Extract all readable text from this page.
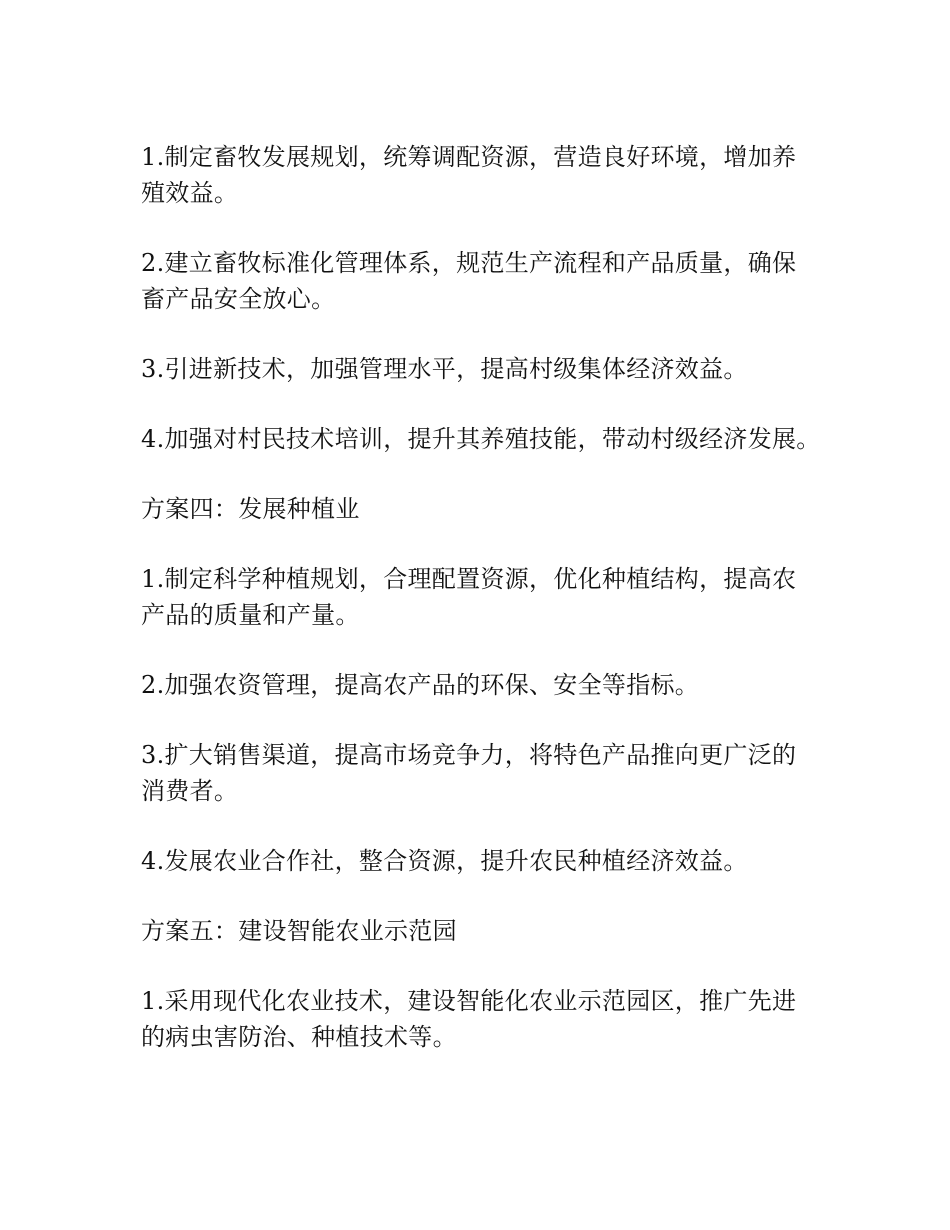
1.制定畜牧发展规划，统筹调配资源，营造良好环境，增加养
殖效益。

2.建立畜牧标准化管理体系，规范生产流程和产品质量，确保
畜产品安全放心。

3.引进新技术，加强管理水平，提高村级集体经济效益。

4.加强对村民技术培训，提升其养殖技能，带动村级经济发展。

方案四：发展种植业

1.制定科学种植规划，合理配置资源，优化种植结构，提高农
产品的质量和产量。

2.加强农资管理，提高农产品的环保、安全等指标。

3.扩大销售渠道，提高市场竞争力，将特色产品推向更广泛的
消费者。

4.发展农业合作社，整合资源，提升农民种植经济效益。

方案五：建设智能农业示范园

1.采用现代化农业技术，建设智能化农业示范园区，推广先进
的病虫害防治、种植技术等。
